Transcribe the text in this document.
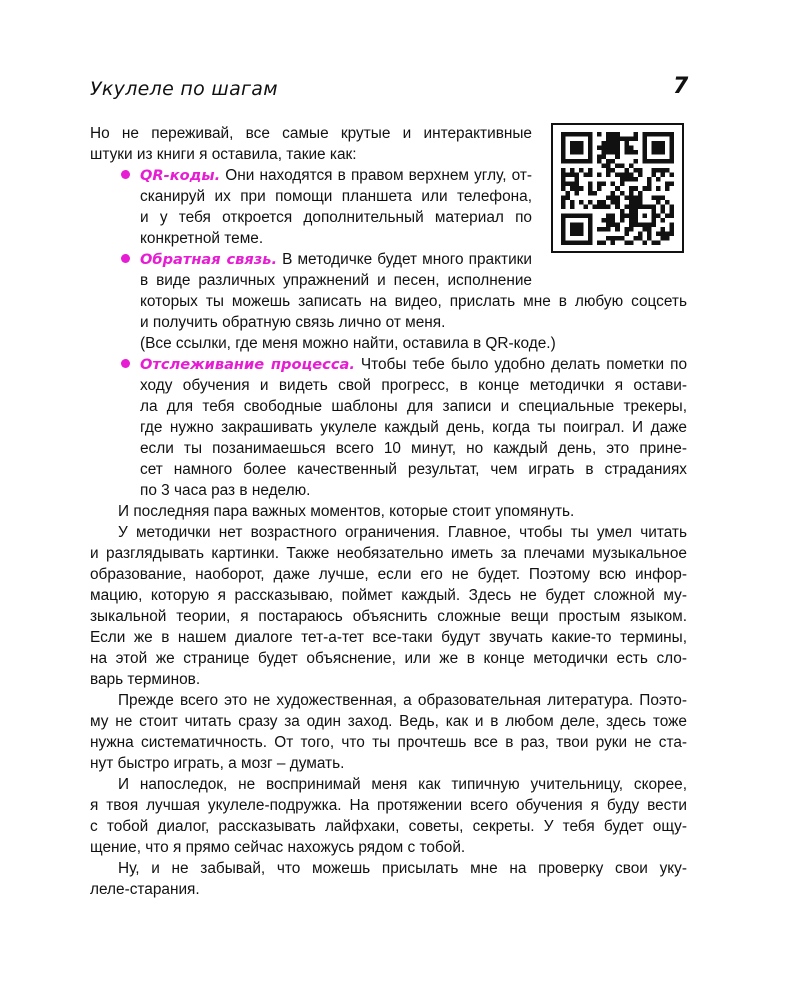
Укулеле по шагам	7
Но не переживай, все самые крутые и интерактивные
штуки из книги я оставила, такие как:
QR-коды. Они находятся в правом верхнем углу, от-
сканируй их при помощи планшета или телефона,
и у тебя откроется дополнительный материал по
конкретной теме.
Обратная связь. В методичке будет много практики
в виде различных упражнений и песен, исполнение
которых ты можешь записать на видео, прислать мне в любую соцсеть
и получить обратную связь лично от меня.
(Все ссылки, где меня можно найти, оставила в QR-коде.)
Отслеживание процесса. Чтобы тебе было удобно делать пометки по
ходу обучения и видеть свой прогресс, в конце методички я остави-
ла для тебя свободные шаблоны для записи и специальные трекеры,
где нужно закрашивать укулеле каждый день, когда ты поиграл. И даже
если ты позанимаешься всего 10 минут, но каждый день, это прине-
сет намного более качественный результат, чем играть в страданиях
по 3 часа раз в неделю.
И последняя пара важных моментов, которые стоит упомянуть.
У методички нет возрастного ограничения. Главное, чтобы ты умел читать
и разглядывать картинки. Также необязательно иметь за плечами музыкальное
образование, наоборот, даже лучше, если его не будет. Поэтому всю инфор-
мацию, которую я рассказываю, поймет каждый. Здесь не будет сложной му-
зыкальной теории, я постараюсь объяснить сложные вещи простым языком.
Если же в нашем диалоге тет-а-тет все-таки будут звучать какие-то термины,
на этой же странице будет объяснение, или же в конце методички есть сло-
варь терминов.
Прежде всего это не художественная, а образовательная литература. Поэто-
му не стоит читать сразу за один заход. Ведь, как и в любом деле, здесь тоже
нужна систематичность. От того, что ты прочтешь все в раз, твои руки не ста-
нут быстро играть, а мозг – думать.
И напоследок, не воспринимай меня как типичную учительницу, скорее,
я твоя лучшая укулеле-подружка. На протяжении всего обучения я буду вести
с тобой диалог, рассказывать лайфхаки, советы, секреты. У тебя будет ощу-
щение, что я прямо сейчас нахожусь рядом с тобой.
Ну, и не забывай, что можешь присылать мне на проверку свои уку-
леле-старания.
